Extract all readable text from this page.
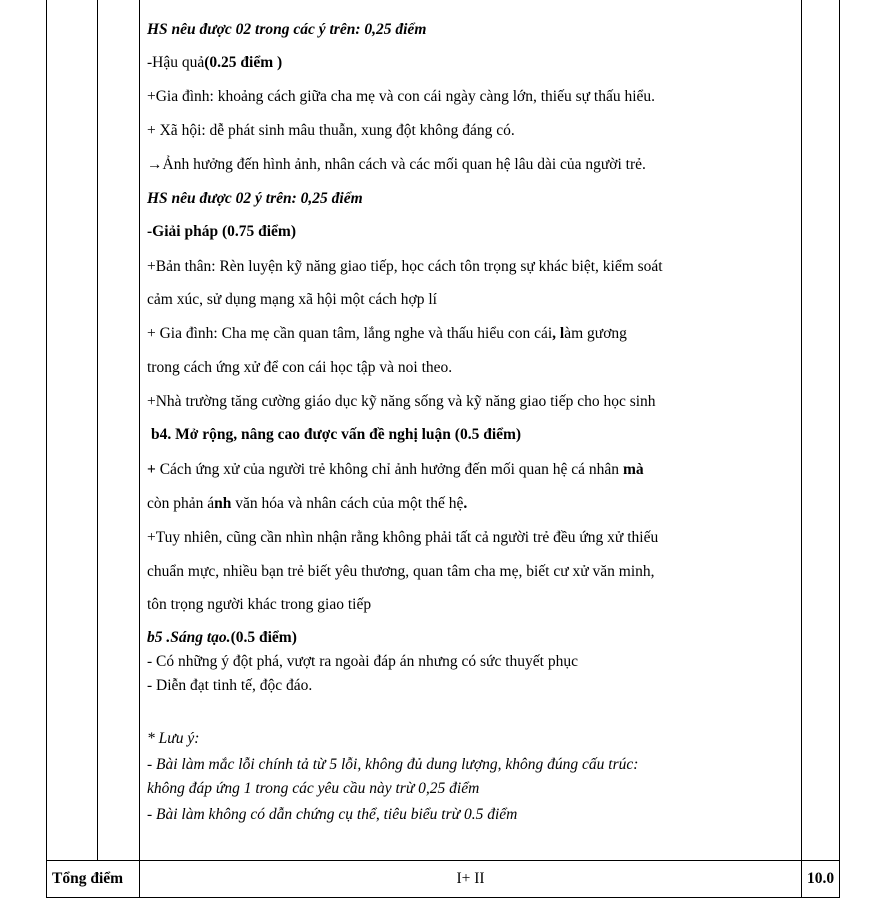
HS nêu được 02 trong các ý trên: 0,25 điểm
-Hậu quả(0.25 điểm )
+Gia đình: khoảng cách giữa cha mẹ và con cái ngày càng lớn, thiếu sự thấu hiểu.
+ Xã hội: dễ phát sinh mâu thuẫn, xung đột không đáng có.
→Ảnh hưởng đến hình ảnh, nhân cách và các mối quan hệ lâu dài của người trẻ.
HS nêu được 02 ý trên: 0,25 điểm
-Giải pháp (0.75 điểm)
+Bản thân: Rèn luyện kỹ năng giao tiếp, học cách tôn trọng sự khác biệt, kiểm soát
cảm xúc, sử dụng mạng xã hội một cách hợp lí
+ Gia đình: Cha mẹ cần quan tâm, lắng nghe và thấu hiểu con cái, làm gương
trong cách ứng xử để con cái học tập và noi theo.
+Nhà trường tăng cường giáo dục kỹ năng sống và kỹ năng giao tiếp cho học sinh
b4. Mở rộng, nâng cao được vấn đề nghị luận (0.5 điểm)
+ Cách ứng xử của người trẻ không chỉ ảnh hưởng đến mối quan hệ cá nhân mà
còn phản ánh văn hóa và nhân cách của một thế hệ.
+Tuy nhiên, cũng cần nhìn nhận rằng không phải tất cả người trẻ đều ứng xử thiếu
chuẩn mực, nhiều bạn trẻ biết yêu thương, quan tâm cha mẹ, biết cư xử văn minh,
tôn trọng người khác trong giao tiếp
b5 .Sáng tạo.(0.5 điểm)
- Có những ý đột phá, vượt ra ngoài đáp án nhưng có sức thuyết phục
- Diễn đạt tinh tế, độc đáo.
* Lưu ý:
- Bài làm mắc lỗi chính tả từ 5 lỗi, không đủ dung lượng, không đúng cấu trúc:
không đáp ứng 1 trong các yêu cầu này trừ 0,25 điểm
- Bài làm không có dẫn chứng cụ thể, tiêu biểu trừ 0.5 điểm
Tổng điểm	I+ II	10.0
